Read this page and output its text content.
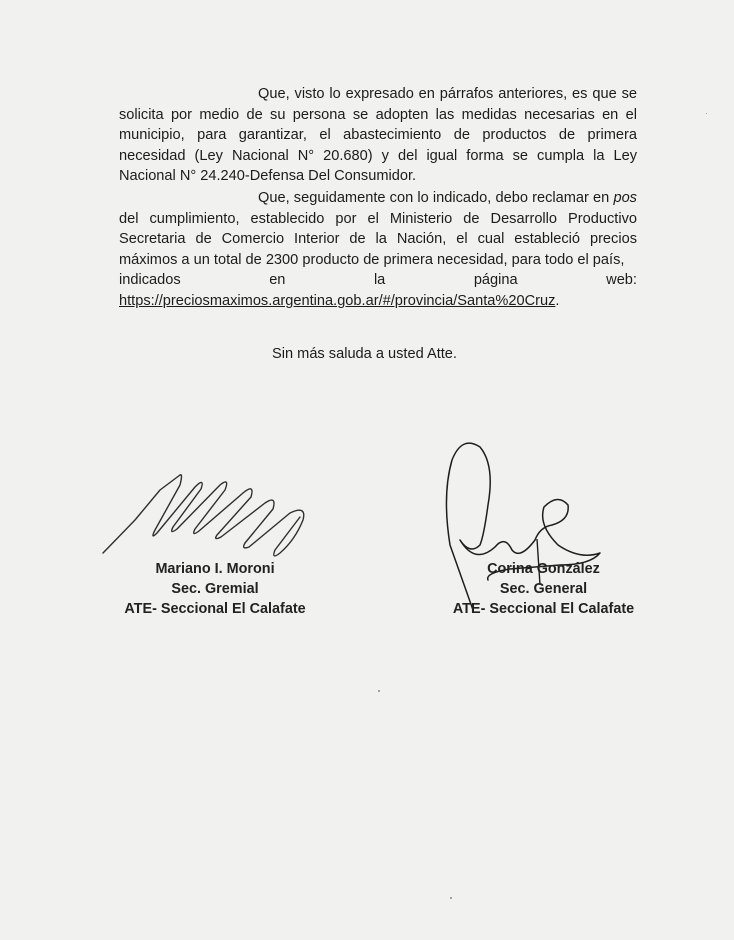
Que, visto lo expresado en párrafos anteriores, es que se solicita por medio de su persona se adopten las medidas necesarias en el municipio, para garantizar, el abastecimiento de productos de primera necesidad (Ley Nacional N° 20.680) y del igual forma se cumpla la Ley Nacional N° 24.240-Defensa Del Consumidor.

Que, seguidamente con lo indicado, debo reclamar en pos del cumplimiento, establecido por el Ministerio de Desarrollo Productivo Secretaria de Comercio Interior de la Nación, el cual estableció precios máximos a un total de 2300 producto de primera necesidad, para todo el país,

indicados	en	la	página	web:
https://preciosmaximos.argentina.gob.ar/#/provincia/Santa%20Cruz.
Sin más saluda a usted Atte.
Mariano I. Moroni
Sec. Gremial
ATE- Seccional El Calafate
Corina González
Sec. General
ATE- Seccional El Calafate
